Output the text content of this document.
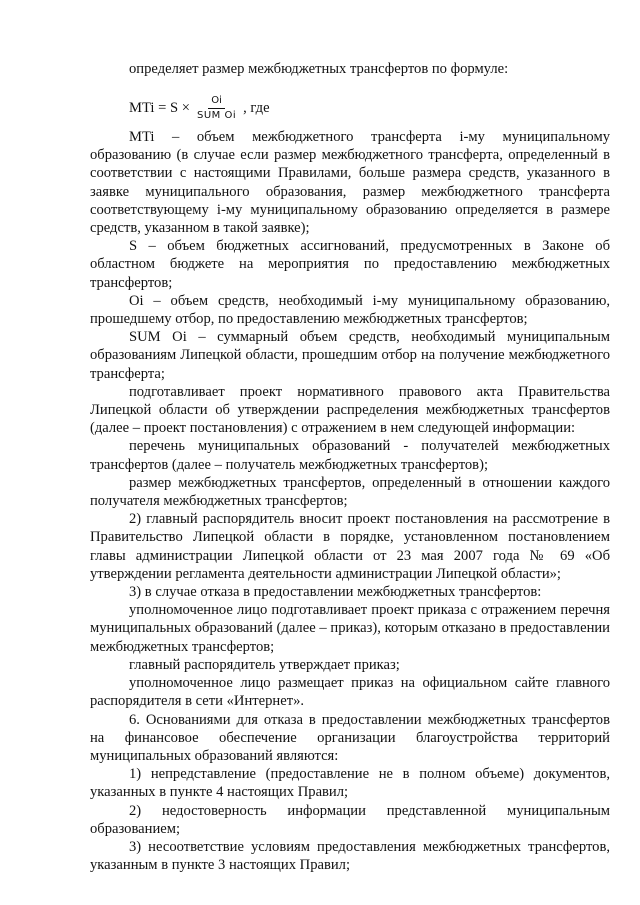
определяет размер межбюджетных трансфертов по формуле:
MTi = $S \times \frac{Oi}{\text{SUM Oi}}$ , где

MTi – объем межбюджетного трансферта i-му муниципальному образованию (в случае если размер межбюджетного трансферта, определенный в соответствии с настоящими Правилами, больше размера средств, указанного в заявке муниципального образования, размер межбюджетного трансферта соответствующему i-му муниципальному образованию определяется в размере средств, указанном в такой заявке);

S – объем бюджетных ассигнований, предусмотренных в Законе об областном бюджете на мероприятия по предоставлению межбюджетных трансфертов;

Oi – объем средств, необходимый i-му муниципальному образованию, прошедшему отбор, по предоставлению межбюджетных трансфертов;

SUM Oi – суммарный объем средств, необходимый муниципальным образованиям Липецкой области, прошедшим отбор на получение межбюджетного трансферта;

подготавливает проект нормативного правового акта Правительства Липецкой области об утверждении распределения межбюджетных трансфертов (далее – проект постановления) с отражением в нем следующей информации:

перечень муниципальных образований - получателей межбюджетных трансфертов (далее – получатель межбюджетных трансфертов);

размер межбюджетных трансфертов, определенный в отношении каждого получателя межбюджетных трансфертов;

2) главный распорядитель вносит проект постановления на рассмотрение в Правительство Липецкой области в порядке, установленном постановлением главы администрации Липецкой области от 23 мая 2007 года № 69 «Об утверждении регламента деятельности администрации Липецкой области»;

3) в случае отказа в предоставлении межбюджетных трансфертов:

уполномоченное лицо подготавливает проект приказа с отражением перечня муниципальных образований (далее – приказ), которым отказано в предоставлении межбюджетных трансфертов;

главный распорядитель утверждает приказ;

уполномоченное лицо размещает приказ на официальном сайте главного распорядителя в сети «Интернет».

6. Основаниями для отказа в предоставлении межбюджетных трансфертов на финансовое обеспечение организации благоустройства территорий муниципальных образований являются:

1) непредставление (предоставление не в полном объеме) документов, указанных в пункте 4 настоящих Правил;

2) недостоверность информации представленной муниципальным образованием;

3) несоответствие условиям предоставления межбюджетных трансфертов, указанным в пункте 3 настоящих Правил;
